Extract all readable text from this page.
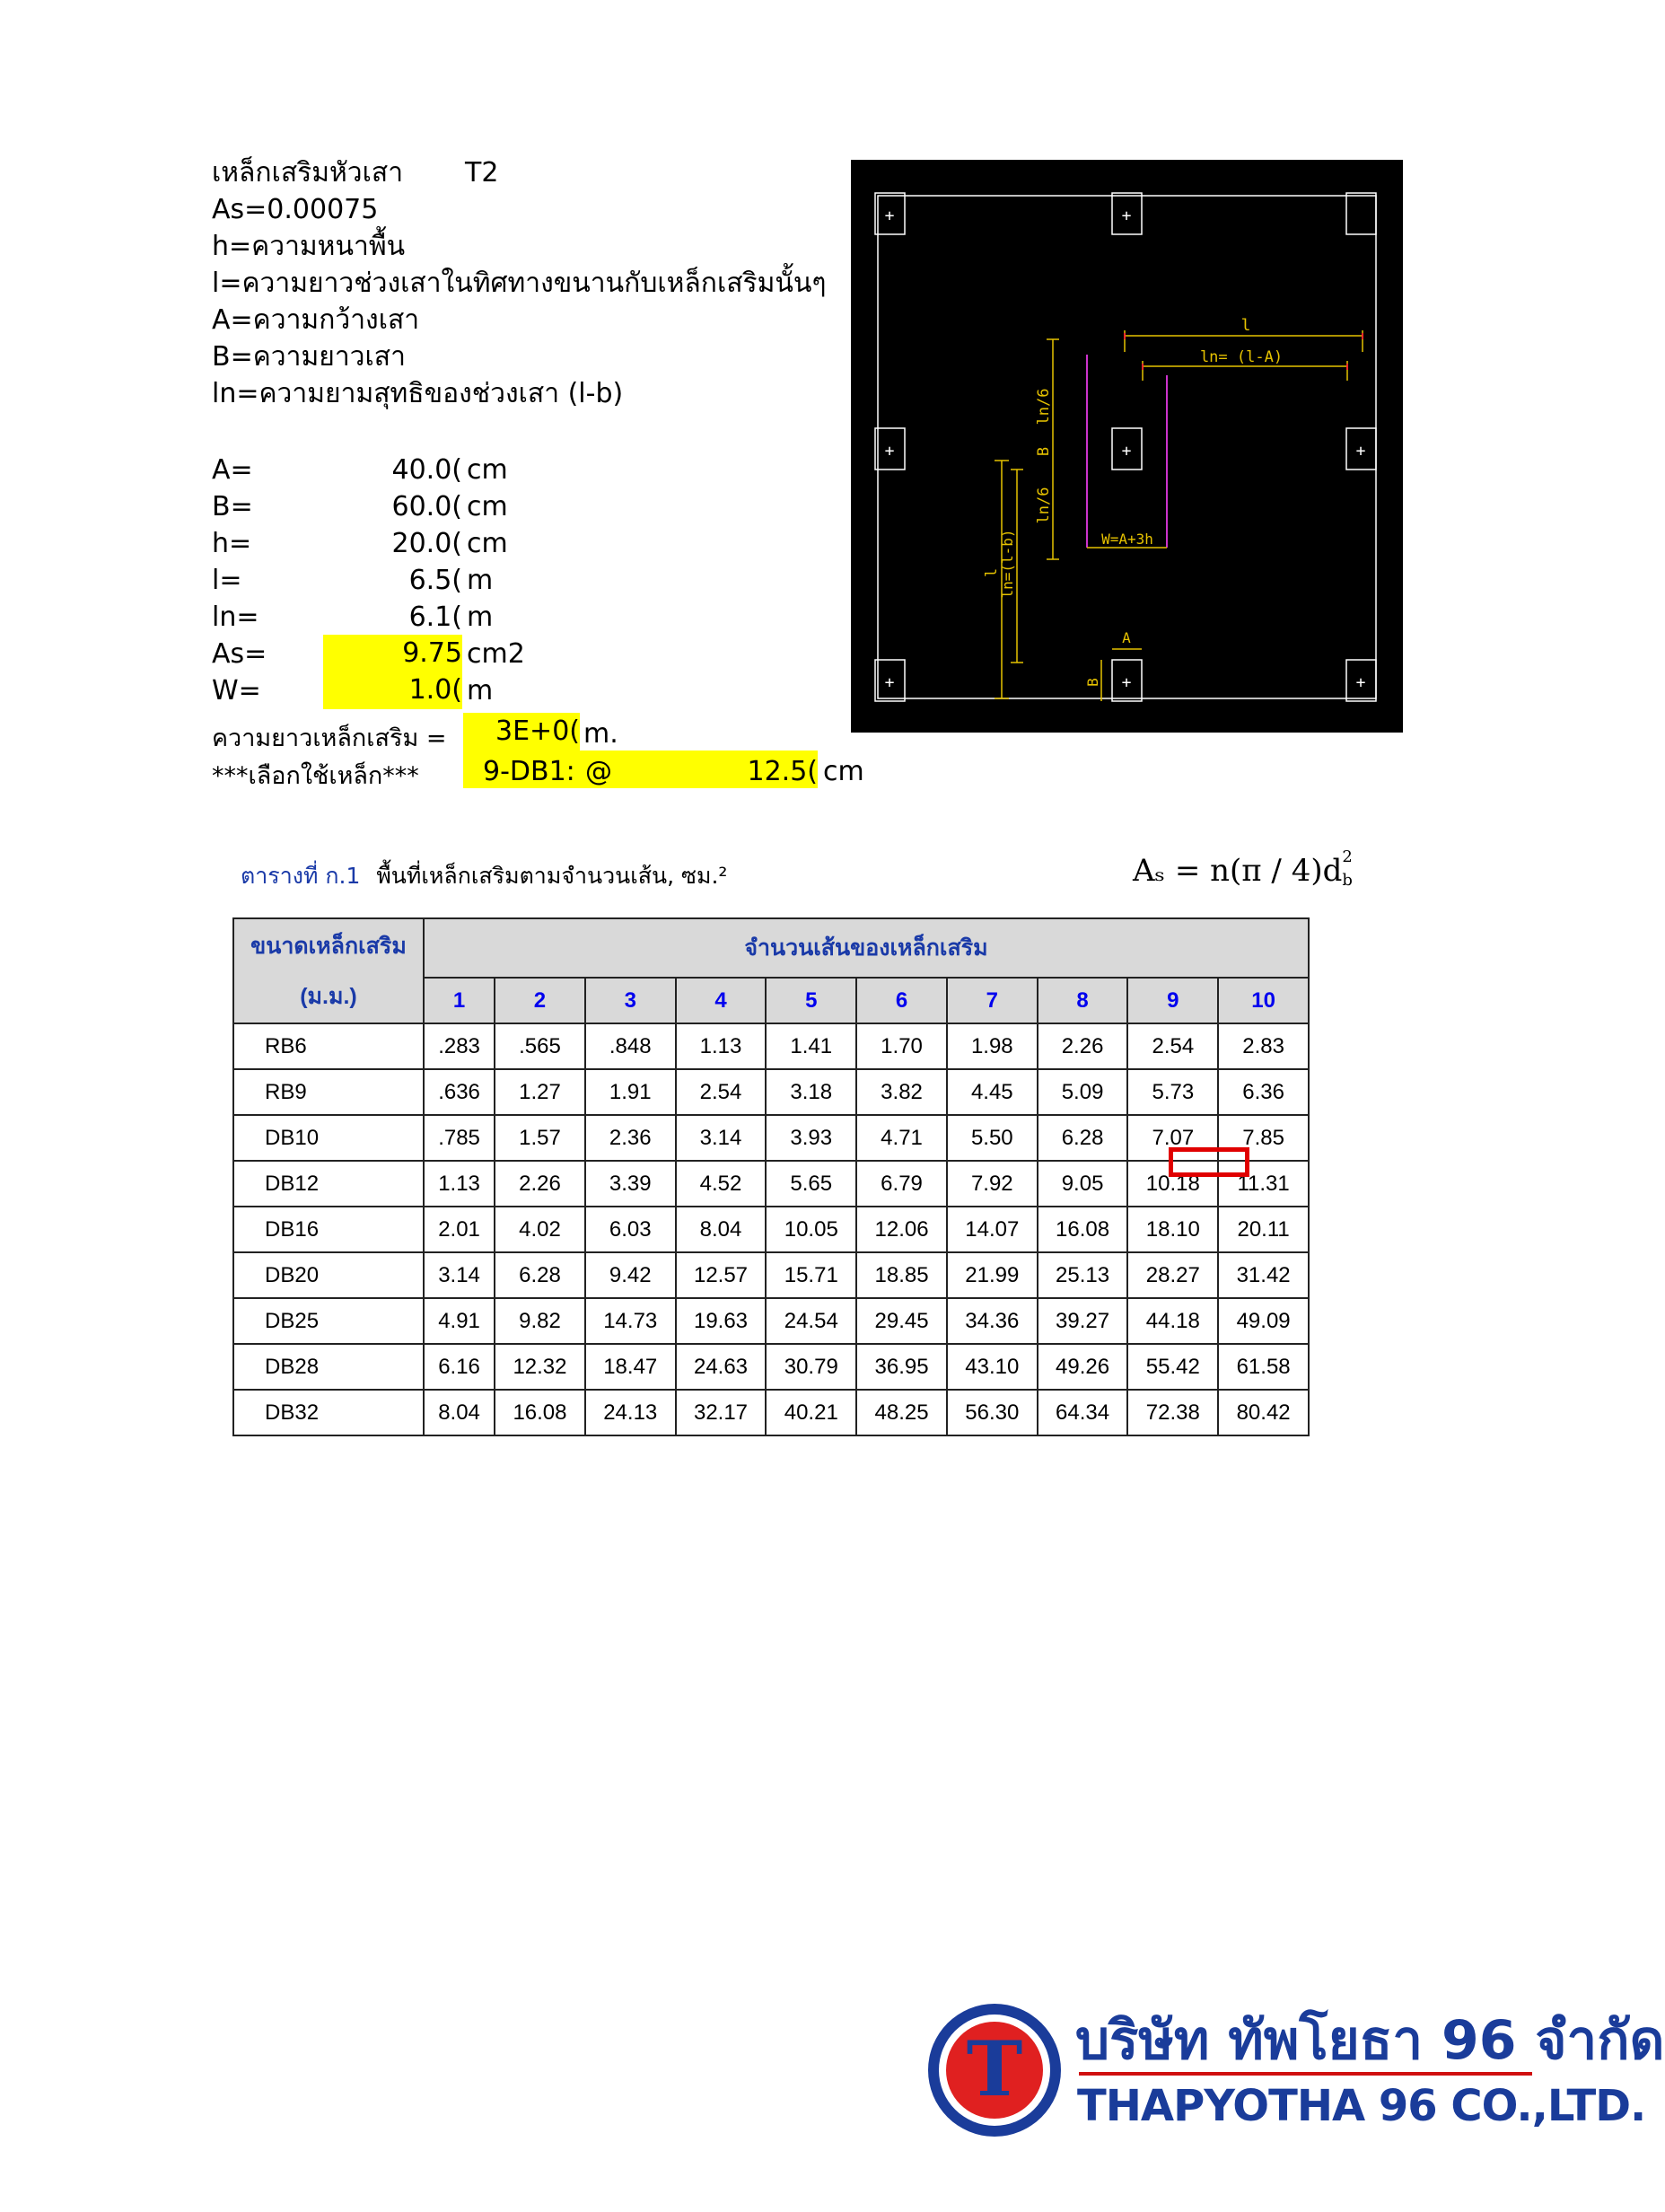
เหล็กเสริมหัวเสา T2
As=0.00075
h=ความหนาพื้น
l=ความยาวช่วงเสาในทิศทางขนานกับเหล็กเสริมนั้นๆ
A=ความกว้างเสา
B=ความยาวเสา
ln=ความยามสุทธิของช่วงเสา (l-b)
A=	40.0( cm
B=	60.0( cm
h=	20.0( cm
l=	6.5( m
ln=	6.1( m
As=	9.75 cm2
W=	1.0( m
ความยาวเหล็กเสริม =	3E+0( m.
***เลือกใช้เหล็ก*** 9-DB1: @	12.5( cm
+	+
+	+	+
+	+	+
l
ln= (l-A)
ln/6
B
ln/6
l
ln=(l-b)	W=A+3h
A
B
ตารางที่ ก.1 พื้นที่เหล็กเสริมตามจำนวนเส้น, ซม.²	Aₛ = n(π / 4)d 2
b
ขนาดเหล็กเสริม
(ม.ม.)	จำนวนเส้นของเหล็กเสริม									
	1	2	3	4	5	6	7	8	9	10
RB6	.283	.565	.848	1.13	1.41	1.70	1.98	2.26	2.54	2.83
RB9	.636	1.27	1.91	2.54	3.18	3.82	4.45	5.09	5.73	6.36
DB10	.785	1.57	2.36	3.14	3.93	4.71	5.50	6.28	7.07	7.85
DB12	1.13	2.26	3.39	4.52	5.65	6.79	7.92	9.05	10.18	11.31
DB16	2.01	4.02	6.03	8.04	10.05	12.06	14.07	16.08	18.10	20.11
DB20	3.14	6.28	9.42	12.57	15.71	18.85	21.99	25.13	28.27	31.42
DB25	4.91	9.82	14.73	19.63	24.54	29.45	34.36	39.27	44.18	49.09
DB28	6.16	12.32	18.47	24.63	30.79	36.95	43.10	49.26	55.42	61.58
DB32	8.04	16.08	24.13	32.17	40.21	48.25	56.30	64.34	72.38	80.42
T บริษัท ทัพโยธา 96 จำกัด
THAPYOTHA 96 CO.,LTD.
